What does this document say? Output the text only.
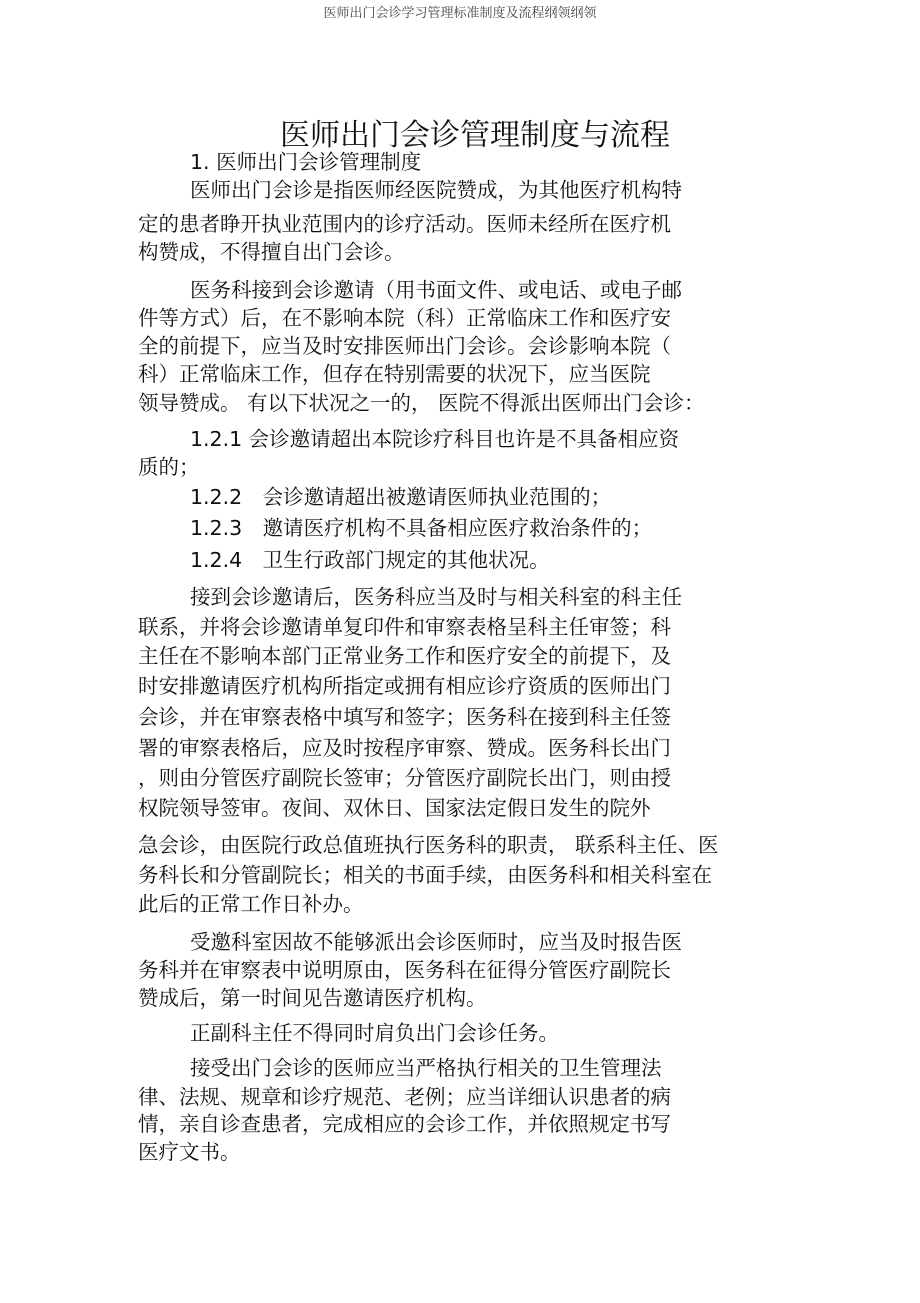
医师出门会诊学习管理标准制度及流程纲领纲领
医师出门会诊管理制度与流程
1. 医师出门会诊管理制度
医师出门会诊是指医师经医院赞成，为其他医疗机构特
定的患者睁开执业范围内的诊疗活动。医师未经所在医疗机
构赞成，不得擅自出门会诊。
医务科接到会诊邀请（用书面文件、或电话、或电子邮
件等方式）后，在不影响本院（科）正常临床工作和医疗安
全的前提下，应当及时安排医师出门会诊。会诊影响本院（
科）正常临床工作，但存在特别需要的状况下，应当医院
领导赞成。 有以下状况之一的， 医院不得派出医师出门会诊：
1.2.1 会诊邀请超出本院诊疗科目也许是不具备相应资
质的；
1.2.2　会诊邀请超出被邀请医师执业范围的；
1.2.3　邀请医疗机构不具备相应医疗救治条件的；
1.2.4　卫生行政部门规定的其他状况。
接到会诊邀请后，医务科应当及时与相关科室的科主任
联系，并将会诊邀请单复印件和审察表格呈科主任审签；科
主任在不影响本部门正常业务工作和医疗安全的前提下，及
时安排邀请医疗机构所指定或拥有相应诊疗资质的医师出门
会诊，并在审察表格中填写和签字；医务科在接到科主任签
署的审察表格后，应及时按程序审察、赞成。医务科长出门
，则由分管医疗副院长签审；分管医疗副院长出门，则由授
权院领导签审。夜间、双休日、国家法定假日发生的院外
急会诊，由医院行政总值班执行医务科的职责， 联系科主任、医
务科长和分管副院长；相关的书面手续，由医务科和相关科室在
此后的正常工作日补办。
受邀科室因故不能够派出会诊医师时，应当及时报告医
务科并在审察表中说明原由，医务科在征得分管医疗副院长
赞成后，第一时间见告邀请医疗机构。
正副科主任不得同时肩负出门会诊任务。
接受出门会诊的医师应当严格执行相关的卫生管理法
律、法规、规章和诊疗规范、老例；应当详细认识患者的病
情，亲自诊查患者，完成相应的会诊工作，并依照规定书写
医疗文书。
